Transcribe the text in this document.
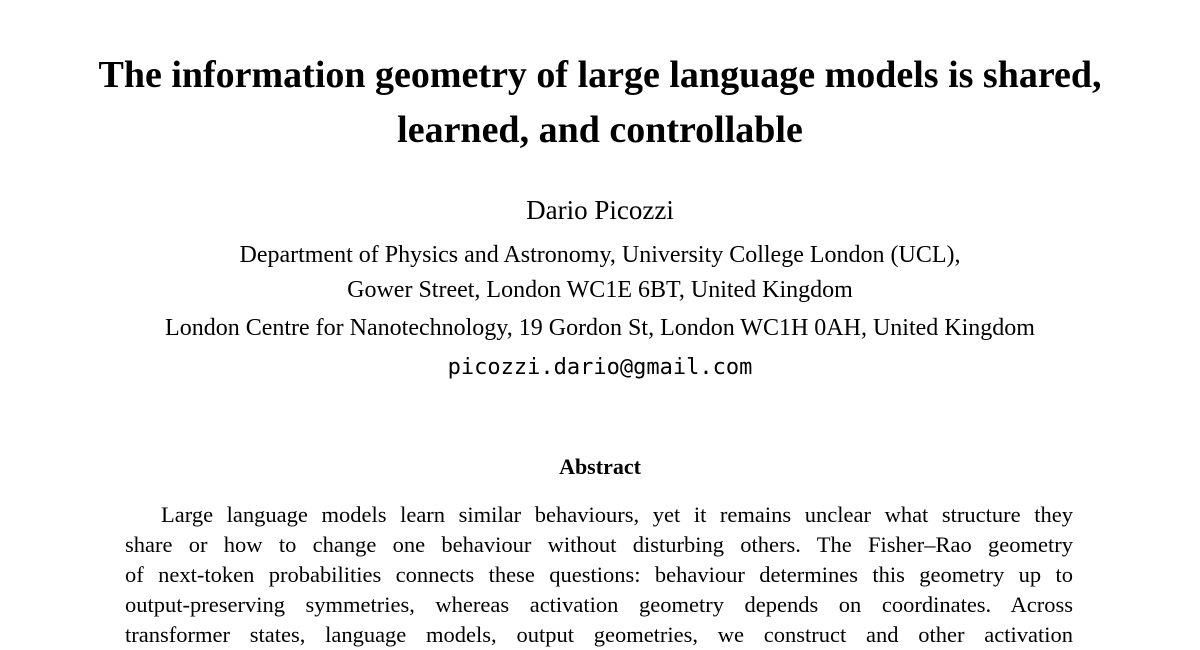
The information geometry of large language models is shared,
learned, and controllable
Dario Picozzi
Department of Physics and Astronomy, University College London (UCL),
Gower Street, London WC1E 6BT, United Kingdom
London Centre for Nanotechnology, 19 Gordon St, London WC1H 0AH, United Kingdom
picozzi.dario@gmail.com
Abstract
Large language models learn similar behaviours, yet it remains unclear what structure they
share or how to change one behaviour without disturbing others. The Fisher–Rao geometry
of next-token probabilities connects these questions: behaviour determines this geometry up to
output-preserving symmetries, whereas activation geometry depends on coordinates. Across
transformer states, language models, output geometries, we construct and other activation
